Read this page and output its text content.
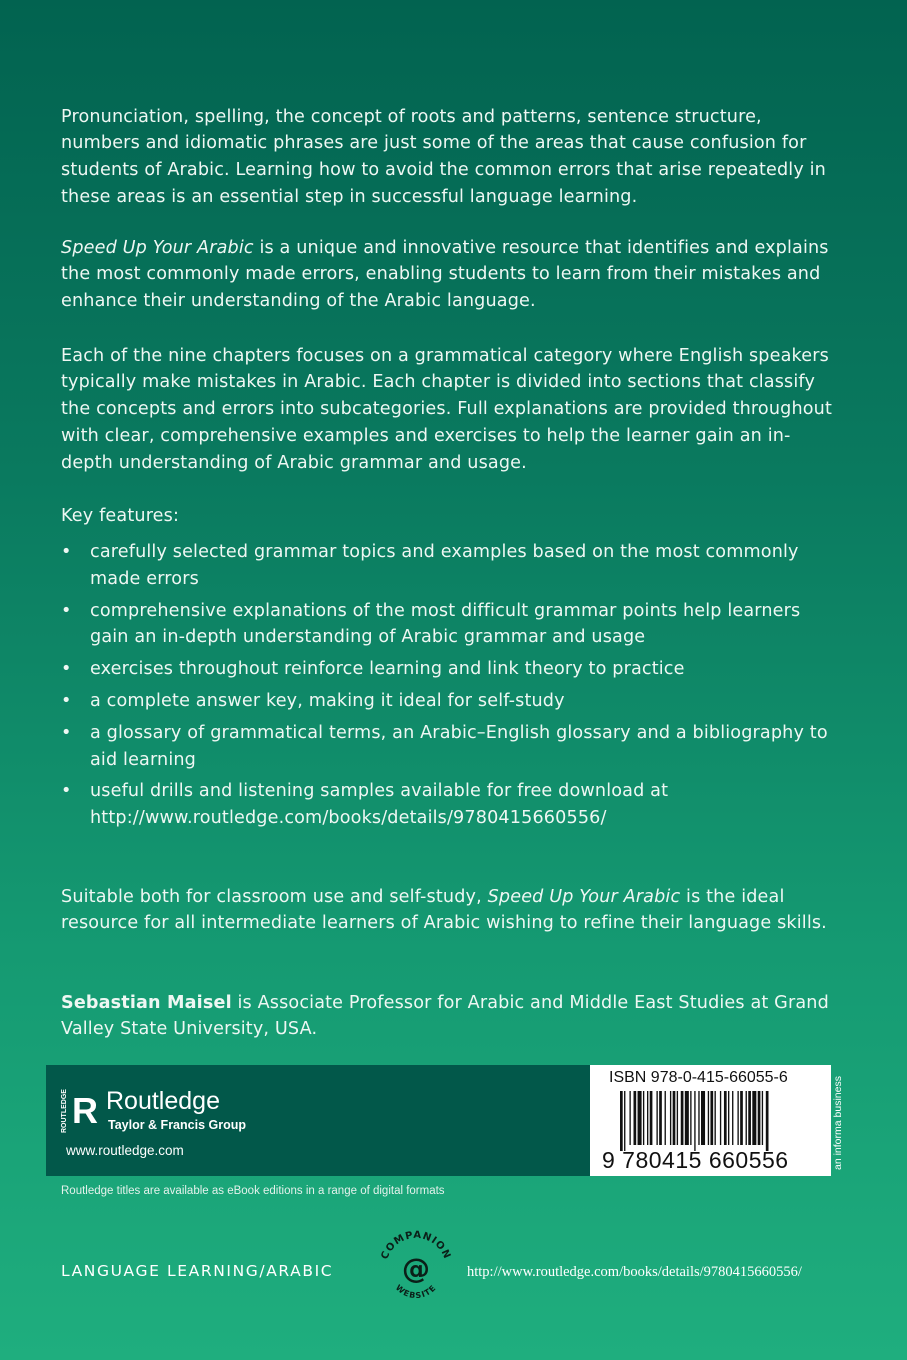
Pronunciation, spelling, the concept of roots and patterns, sentence structure, numbers and idiomatic phrases are just some of the areas that cause confusion for students of Arabic. Learning how to avoid the common errors that arise repeatedly in these areas is an essential step in successful language learning.

Speed Up Your Arabic is a unique and innovative resource that identifies and explains the most commonly made errors, enabling students to learn from their mistakes and enhance their understanding of the Arabic language.

Each of the nine chapters focuses on a grammatical category where English speakers typically make mistakes in Arabic. Each chapter is divided into sections that classify the concepts and errors into subcategories. Full explanations are provided throughout with clear, comprehensive examples and exercises to help the learner gain an in-depth understanding of Arabic grammar and usage.

Key features:

• carefully selected grammar topics and examples based on the most commonly made errors
• comprehensive explanations of the most difficult grammar points help learners gain an in-depth understanding of Arabic grammar and usage
• exercises throughout reinforce learning and link theory to practice
• a complete answer key, making it ideal for self-study
• a glossary of grammatical terms, an Arabic–English glossary and a bibliography to aid learning
• useful drills and listening samples available for free download at http://www.routledge.com/books/details/9780415660556/

Suitable both for classroom use and self-study, Speed Up Your Arabic is the ideal resource for all intermediate learners of Arabic wishing to refine their language skills.

Sebastian Maisel is Associate Professor for Arabic and Middle East Studies at Grand Valley State University, USA.

ROUTLEDGE R Routledge
Taylor & Francis Group
www.routledge.com
ISBN 978-0-415-66055-6
9 780415 660556	an informa business
Routledge titles are available as eBook editions in a range of digital formats
LANGUAGE LEARNING/ARABIC
COMPANION
WEBSITE
@	http://www.routledge.com/books/details/9780415660556/
